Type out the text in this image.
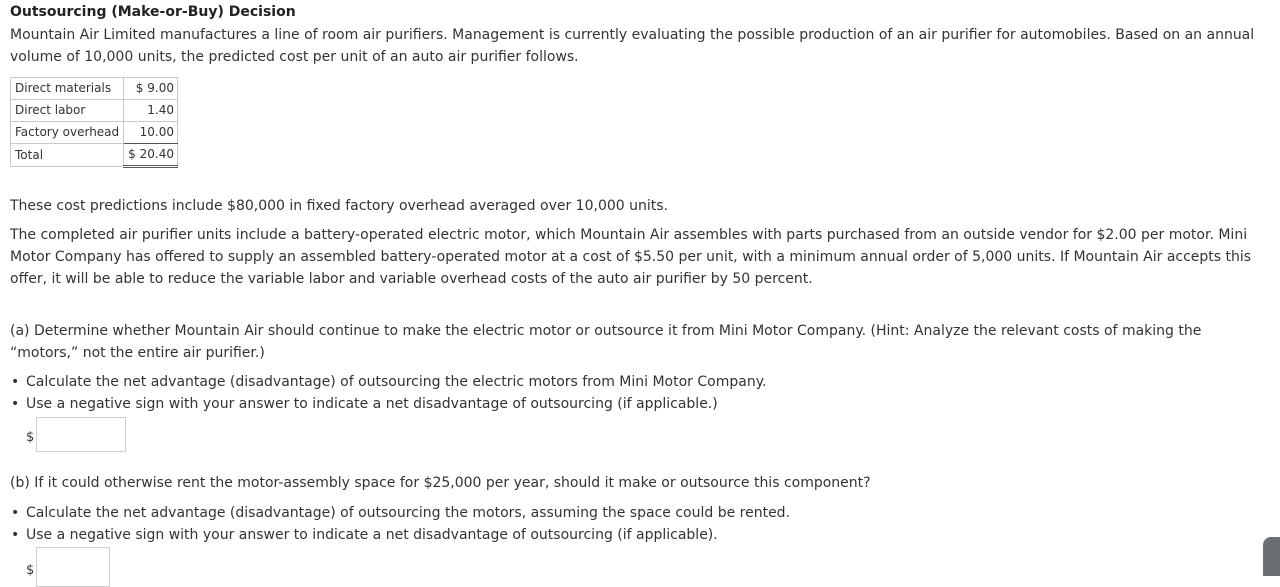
Outsourcing (Make-or-Buy) Decision

Mountain Air Limited manufactures a line of room air purifiers. Management is currently evaluating the possible production of an air purifier for automobiles. Based on an annual volume of 10,000 units, the predicted cost per unit of an auto air purifier follows.

Direct materials	$ 9.00
Direct labor	1.40
Factory overhead	10.00
Total	$ 20.40

These cost predictions include $80,000 in fixed factory overhead averaged over 10,000 units.

The completed air purifier units include a battery-operated electric motor, which Mountain Air assembles with parts purchased from an outside vendor for $2.00 per motor. Mini Motor Company has offered to supply an assembled battery-operated motor at a cost of $5.50 per unit, with a minimum annual order of 5,000 units. If Mountain Air accepts this offer, it will be able to reduce the variable labor and variable overhead costs of the auto air purifier by 50 percent.

(a) Determine whether Mountain Air should continue to make the electric motor or outsource it from Mini Motor Company. (Hint: Analyze the relevant costs of making the “motors,” not the entire air purifier.)

• Calculate the net advantage (disadvantage) of outsourcing the electric motors from Mini Motor Company.
• Use a negative sign with your answer to indicate a net disadvantage of outsourcing (if applicable.)
$

(b) If it could otherwise rent the motor-assembly space for $25,000 per year, should it make or outsource this component?

• Calculate the net advantage (disadvantage) of outsourcing the motors, assuming the space could be rented.
• Use a negative sign with your answer to indicate a net disadvantage of outsourcing (if applicable).
$
